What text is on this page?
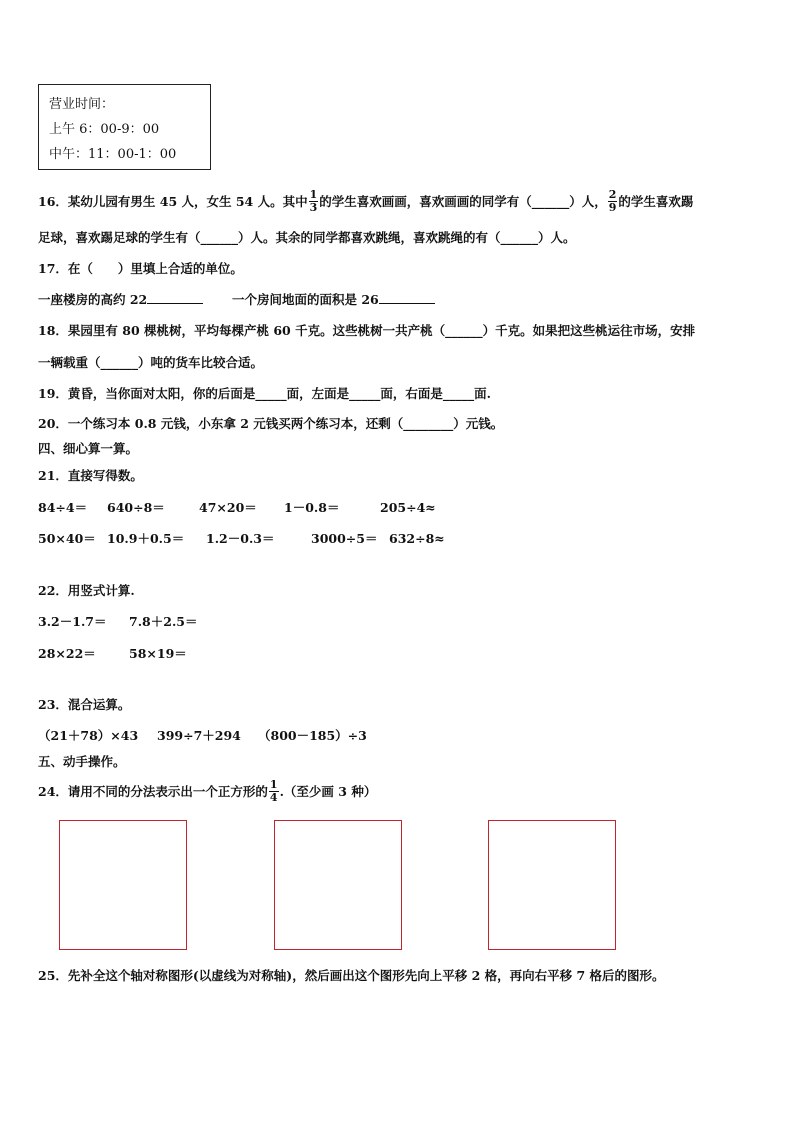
营业时间：
上午 6：00-9：00
中午：11：00-1：00
16．某幼儿园有男生 45 人，女生 54 人。其中 $\frac{1}{3}$ 的学生喜欢画画，喜欢画画的同学有（______）人， $\frac{2}{9}$ 的学生喜欢踢
足球，喜欢踢足球的学生有（______）人。其余的同学都喜欢跳绳，喜欢跳绳的有（______）人。
17．在（　　）里填上合适的单位。
一座楼房的高约 22	一个房间地面的面积是 26
18．果园里有 80 棵桃树，平均每棵产桃 60 千克。这些桃树一共产桃（______）千克。如果把这些桃运往市场，安排
一辆载重（______）吨的货车比较合适。
19．黄昏，当你面对太阳，你的后面是_____面，左面是_____面，右面是_____面.
20．一个练习本 0.8 元钱，小东拿 2 元钱买两个练习本，还剩（________）元钱。
四、细心算一算。
21．直接写得数。
84÷4＝ 640÷8＝	47×20＝ 1－0.8＝	205÷4≈
50×40＝ 10.9＋0.5＝ 1.2－0.3＝	3000÷5＝ 632÷8≈
22．用竖式计算.
3.2－1.7＝ 7.8＋2.5＝
28×22＝	58×19＝
23．混合运算。
（21＋78）×43 399÷7＋294 （800－185）÷3
五、动手操作。
24．请用不同的分法表示出一个正方形的 $\frac{1}{4}$ .（至少画 3 种）
25．先补全这个轴对称图形(以虚线为对称轴)，然后画出这个图形先向上平移 2 格，再向右平移 7 格后的图形。
